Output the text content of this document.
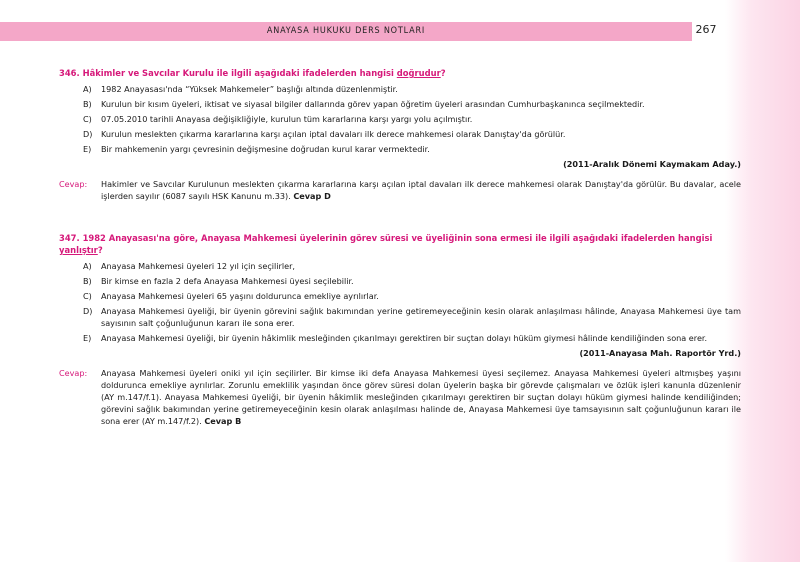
ANAYASA HUKUKU DERS NOTLARI	267

346. Hâkimler ve Savcılar Kurulu ile ilgili aşağıdaki ifadelerden hangisi doğrudur?

A)	1982 Anayasası'nda “Yüksek Mahkemeler” başlığı altında düzenlenmiştir.
B)	Kurulun bir kısım üyeleri, iktisat ve siyasal bilgiler dallarında görev yapan öğretim üyeleri arasından Cumhurbaşkanınca seçilmektedir.
C)	07.05.2010 tarihli Anayasa değişikliğiyle, kurulun tüm kararlarına karşı yargı yolu açılmıştır.
D)	Kurulun meslekten çıkarma kararlarına karşı açılan iptal davaları ilk derece mahkemesi olarak Danıştay'da görülür.
E)	Bir mahkemenin yargı çevresinin değişmesine doğrudan kurul karar vermektedir.

(2011-Aralık Dönemi Kaymakam Aday.)

Cevap:	Hakimler ve Savcılar Kurulunun meslekten çıkarma kararlarına karşı açılan iptal davaları ilk derece mahkemesi olarak Danıştay'da görülür. Bu davalar, acele işlerden sayılır (6087 sayılı HSK Kanunu m.33). Cevap D

347. 1982 Anayasası'na göre, Anayasa Mahkemesi üyelerinin görev süresi ve üyeliğinin sona ermesi ile ilgili aşağıdaki ifadelerden hangisi yanlıştır?

A)	Anayasa Mahkemesi üyeleri 12 yıl için seçilirler,
B)	Bir kimse en fazla 2 defa Anayasa Mahkemesi üyesi seçilebilir.
C)	Anayasa Mahkemesi üyeleri 65 yaşını doldurunca emekliye ayrılırlar.
D)	Anayasa Mahkemesi üyeliği, bir üyenin görevini sağlık bakımından yerine getiremeyeceğinin kesin olarak anlaşılması hâlinde, Anayasa Mahkemesi üye tam sayısının salt çoğunluğunun kararı ile sona erer.
E)	Anayasa Mahkemesi üyeliği, bir üyenin hâkimlik mesleğinden çıkarılmayı gerektiren bir suçtan dolayı hüküm giymesi hâlinde kendiliğinden sona erer.

(2011-Anayasa Mah. Raportör Yrd.)

Cevap:	Anayasa Mahkemesi üyeleri oniki yıl için seçilirler. Bir kimse iki defa Anayasa Mahkemesi üyesi seçilemez. Anayasa Mahkemesi üyeleri altmışbeş yaşını doldurunca emekliye ayrılırlar. Zorunlu emeklilik yaşından önce görev süresi dolan üyelerin başka bir görevde çalışmaları ve özlük işleri kanunla düzenlenir (AY m.147/f.1). Anayasa Mahkemesi üyeliği, bir üyenin hâkimlik mesleğinden çıkarılmayı gerektiren bir suçtan dolayı hüküm giymesi halinde kendiliğinden; görevini sağlık bakımından yerine getiremeyeceğinin kesin olarak anlaşılması halinde de, Anayasa Mahkemesi üye tamsayısının salt çoğunluğunun kararı ile sona erer (AY m.147/f.2). Cevap B
